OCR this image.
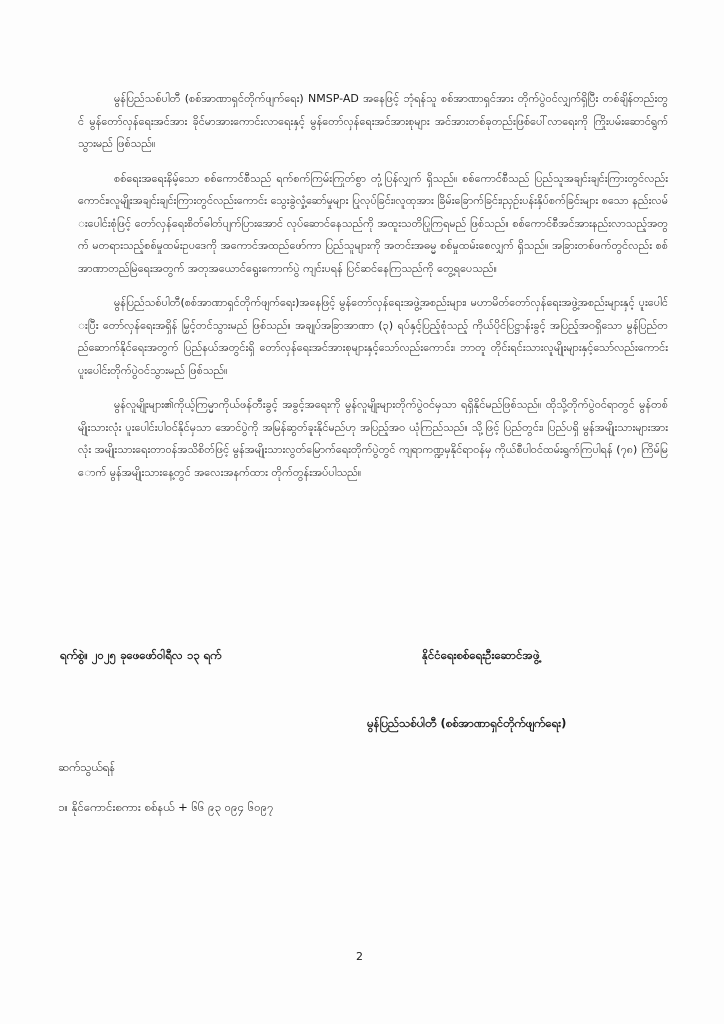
မွန်ပြည်သစ်ပါတီ (စစ်အာဏာရှင်တိုက်ဖျက်ရေး) NMSP-AD အနေဖြင့် ဘုံရန်သူ စစ်အာဏာရှင်အား တိုက်ပွဲဝင်လျှက်ရှိပြီး တစ်ချိန်တည်းတွင် မွန်တော်လှန်ရေးအင်အား ခိုင်မာအားကောင်းလာရေးနှင့် မွန်တော်လှန်ရေးအင်အားစုများ အင်အားတစ်ခုတည်းဖြစ်ပေါ်လာရေးကို ကြိုးပမ်းဆောင်ရွက်သွားမည် ဖြစ်သည်။

စစ်ရေးအရေးနိမ့်သော စစ်ကောင်စီသည် ရက်စက်ကြမ်းကြုတ်စွာ တုံ့ပြန်လျှက် ရှိသည်။ စစ်ကောင်စီသည် ပြည်သူအချင်းချင်းကြားတွင်လည်းကောင်း၊လူမျိုးအချင်းချင်းကြားတွင်လည်းကောင်း သွေးခွဲလှုံ့ဆော်မှုများ ပြုလုပ်ခြင်း၊လူထုအား ခြိမ်းခြောက်ခြင်း၊ညှဉ်းပန်းနှိပ်စက်ခြင်းများ စသော နည်းလမ်းပေါင်းစုံဖြင့် တော်လှန်ရေးစိတ်ဓါတ်ပျက်ပြားအောင် လုပ်ဆောင်နေသည်ကို အထူးသတိပြုကြရမည် ဖြစ်သည်။ စစ်ကောင်စီအင်အားနည်းလာသည့်အတွက် မတရားသည့်စစ်မှုထမ်းဥပဒေကို အကောင်အထည်ဖော်ကာ ပြည်သူများကို အတင်းအဓမ္မ စစ်မှုထမ်းစေလျှက် ရှိသည်။ အခြားတစ်ဖက်တွင်လည်း စစ်အာဏာတည်မြဲရေးအတွက် အတုအယောင်ရွေးကောက်ပွဲ ကျင်းပရန် ပြင်ဆင်နေကြသည်ကို တွေ့ရပေသည်။

မွန်ပြည်သစ်ပါတီ(စစ်အာဏာရှင်တိုက်ဖျက်ရေး)အနေဖြင့် မွန်တော်လှန်ရေးအဖွဲ့အစည်းများ၊ မဟာမိတ်တော်လှန်ရေးအဖွဲ့အစည်းများနှင့် ပူးပေါင်းပြီး တော်လှန်ရေးအရှိန် မြှင့်တင်သွားမည် ဖြစ်သည်။ အချုပ်အခြာအာဏာ (၃) ရပ်နှင့်ပြည့်စုံသည့် ကိုယ်ပိုင်ပြဋ္ဌာန်းခွင့် အပြည့်အဝရှိသော မွန်ပြည်တည်ဆောက်နိုင်ရေးအတွက် ပြည်နယ်အတွင်းရှိ တော်လှန်ရေးအင်အားစုများနှင့်သော်လည်းကောင်း၊ ဘာတူ တိုင်းရင်းသားလူမျိုးများနှင့်သော်လည်းကောင်း ပူးပေါင်းတိုက်ပွဲဝင်သွားမည် ဖြစ်သည်။

မွန်လူမျိုးများ၏ကိုယ့်ကြမ္မာကိုယ်ဖန်တီးခွင့် အခွင့်အရေးကို မွန်လူမျိုးများတိုက်ပွဲဝင်မှသာ ရရှိနိုင်မည်ဖြစ်သည်။ ထိုသို့တိုက်ပွဲဝင်ရာတွင် မွန်တစ်မျိုးသားလုံး ပူးပေါင်းပါဝင်နိုင်မှသာ အောင်ပွဲကို အမြန်ဆွတ်ခူးနိုင်မည်ဟု အပြည့်အဝ ယုံကြည်သည်။ သို့ဖြင့် ပြည်တွင်း၊ ပြည်ပရှိ မွန်အမျိုးသားများအားလုံး အမျိုးသားရေးတာဝန်အသိစိတ်ဖြင့် မွန်အမျိုးသားလွတ်မြောက်ရေးတိုက်ပွဲတွင် ကျရာကဏ္ဍမှနိုင်ရာဝန်မှ ကိုယ်စီပါဝင်ထမ်းရွက်ကြပါရန် (၇၈) ကြိမ်မြောက် မွန်အမျိုးသားနေ့တွင် အလေးအနက်ထား တိုက်တွန်းအပ်ပါသည်။

ရက်စွဲ။ ၂၀၂၅ ခုဖေဖော်ဝါရီလ ၁၃ ရက်	နိုင်ငံရေးစစ်ရေးဦးဆောင်အဖွဲ့
မွန်ပြည်သစ်ပါတီ (စစ်အာဏာရှင်တိုက်ဖျက်ရေး)
ဆက်သွယ်ရန်
၁။ နိုင်ကောင်းစကား စစ်နယ် + ၆၆ ၉၃ ၀၉၄ ၆၀၉၇
2
